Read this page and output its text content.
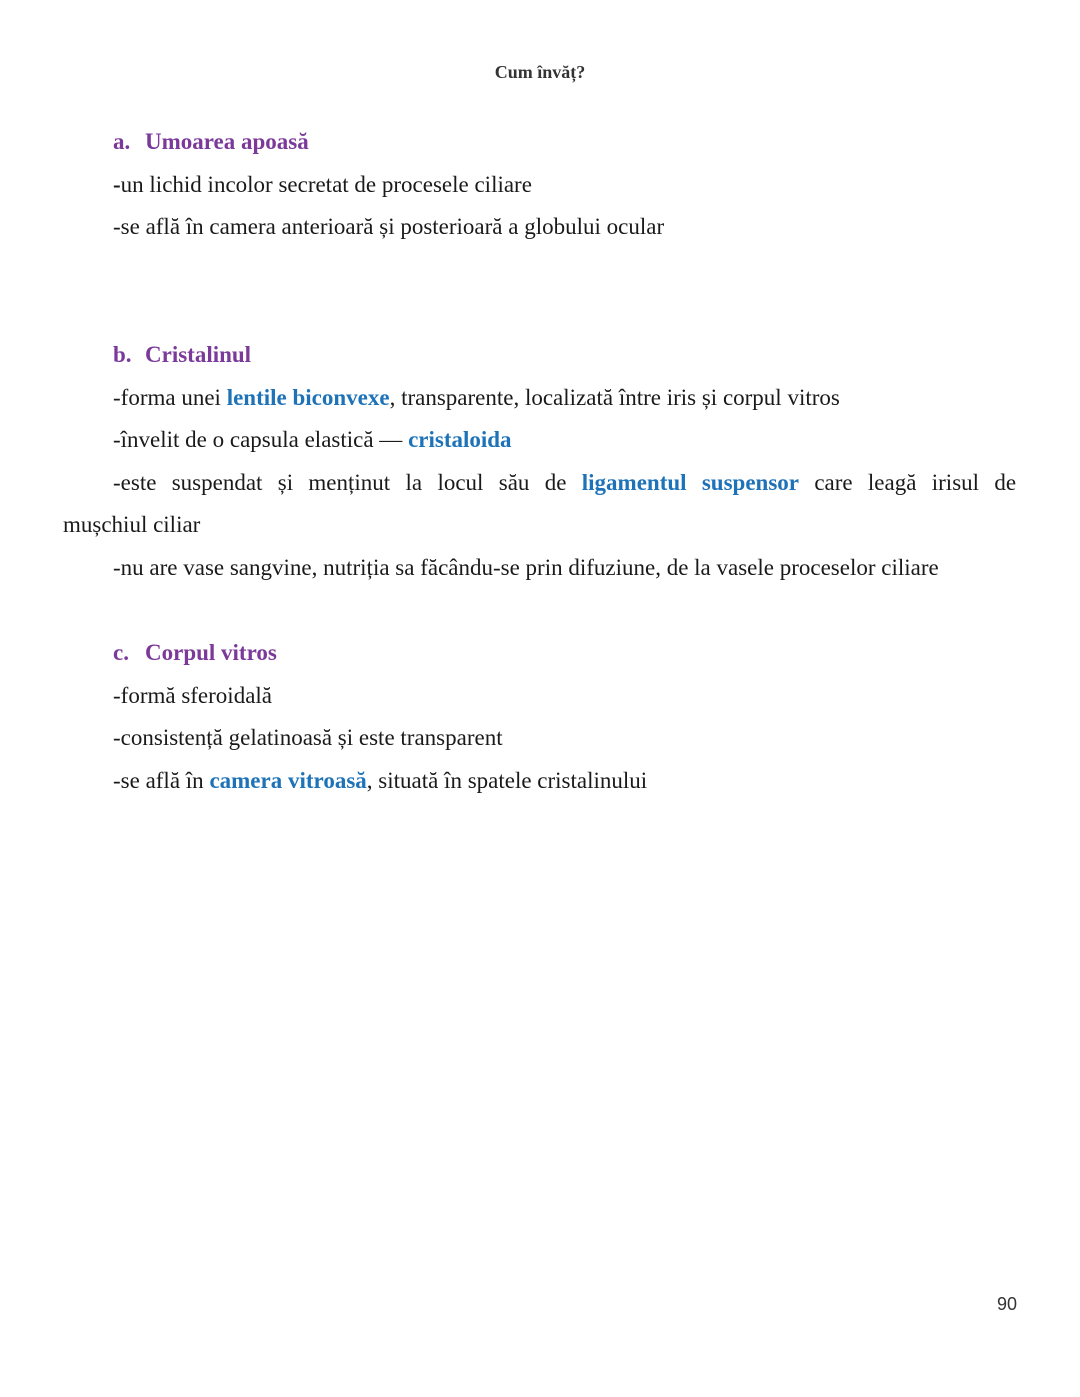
Cum învăț?
a. Umoarea apoasă
-un lichid incolor secretat de procesele ciliare
-se află în camera anterioară și posterioară a globului ocular
b. Cristalinul
-forma unei lentile biconvexe, transparente, localizată între iris și corpul vitros
-învelit de o capsula elastică — cristaloida
-este suspendat și menținut la locul său de ligamentul suspensor care leagă irisul de
mușchiul ciliar
-nu are vase sangvine, nutriția sa făcându-se prin difuziune, de la vasele proceselor ciliare
c. Corpul vitros
-formă sferoidală
-consistență gelatinoasă și este transparent
-se află în camera vitroasă, situată în spatele cristalinului
90
